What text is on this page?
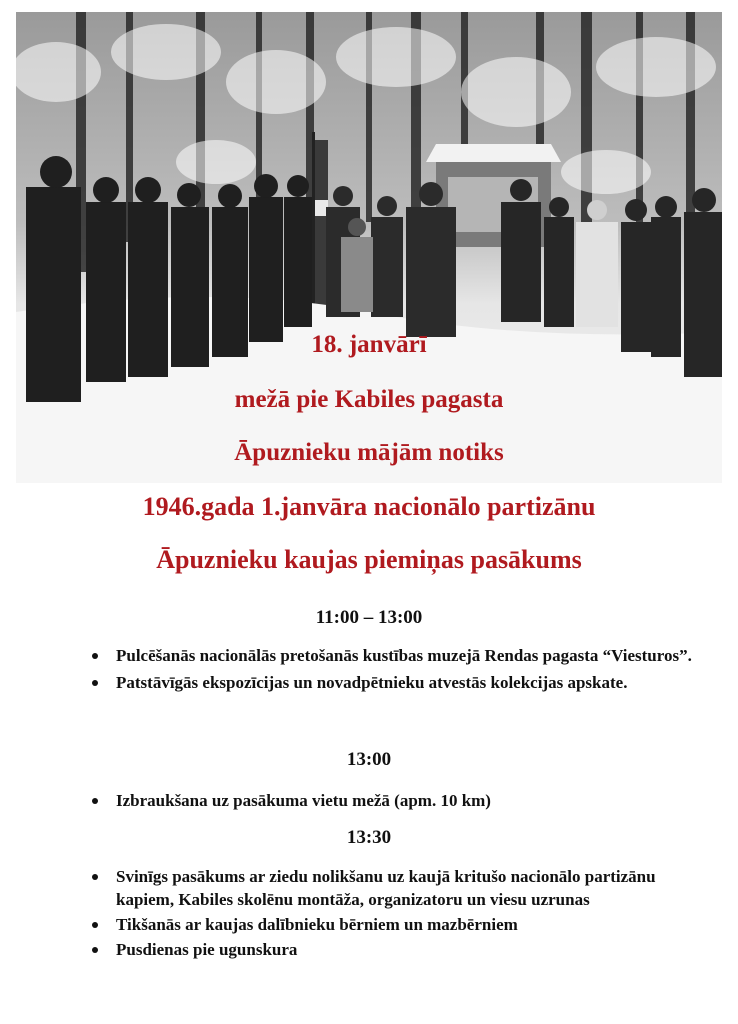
18. janvārī
mežā pie Kabiles pagasta
Āpuznieku mājām notiks
1946.gada 1.janvāra nacionālo partizānu
Āpuznieku kaujas piemiņas pasākums
11:00 – 13:00
Pulcēšanās nacionālās pretošanās kustības muzejā Rendas pagasta “Viesturos”.
Patstāvīgās ekspozīcijas un novadpētnieku atvestās kolekcijas apskate.
13:00
Izbraukšana uz pasākuma vietu mežā (apm. 10 km)
13:30
Svinīgs pasākums ar ziedu nolikšanu uz kaujā kritušo nacionālo partizānu kapiem, Kabiles skolēnu montāža, organizatoru un viesu uzrunas
Tikšanās ar kaujas dalībnieku bērniem un mazbērniem
Pusdienas pie ugunskura
